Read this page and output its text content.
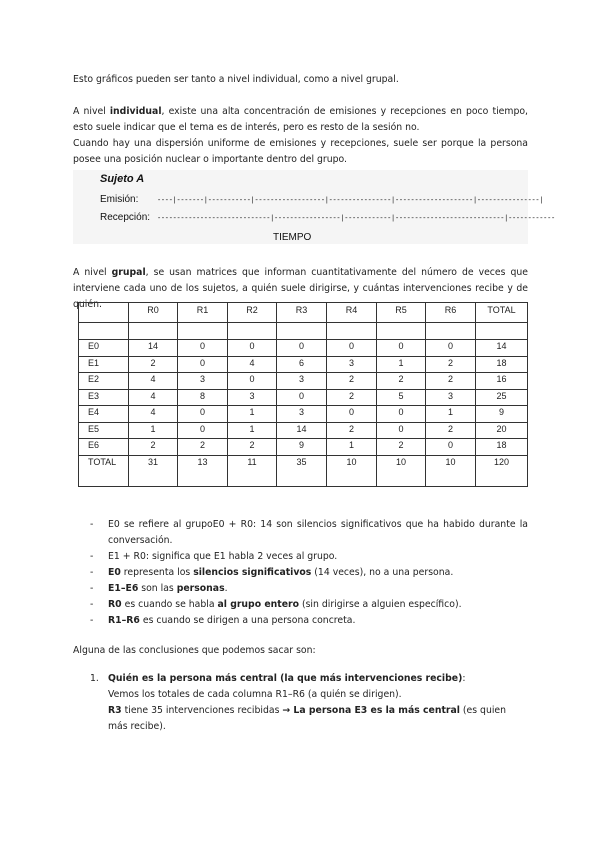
Esto gráficos pueden ser tanto a nivel individual, como a nivel grupal.

A nivel individual, existe una alta concentración de emisiones y recepciones en poco tiempo, esto suele indicar que el tema es de interés, pero es resto de la sesión no.
Cuando hay una dispersión uniforme de emisiones y recepciones, suele ser porque la persona posee una posición nuclear o importante dentro del grupo.

Sujeto A
Emisión:	----|-------|-----------|------------------|----------------|--------------------|----------------|
Recepción: -----------------------------|-----------------|------------|----------------------------|------------
TIEMPO

A nivel grupal, se usan matrices que informan cuantitativamente del número de veces que interviene cada uno de los sujetos, a quién suele dirigirse, y cuántas intervenciones recibe y de quién.

		R0	R1	R2	R3	R4	R5	R6	TOTAL

E0	14	0	0	0	0	0	0	14
E1	2	0	4	6	3	1	2	18
E2	4	3	0	3	2	2	2	16
E3	4	8	3	0	2	5	3	25
E4	4	0	1	3	0	0	1	9
E5	1	0	1	14	2	0	2	20
E6	2	2	2	9	1	2	0	18
TOTAL	31	13	11	35	10	10	10	120
- E0 se refiere al grupoE0 + R0: 14 son silencios significativos que ha habido durante la conversación.
- E1 + R0: significa que E1 habla 2 veces al grupo.
- E0 representa los silencios significativos (14 veces), no a una persona.
- E1–E6 son las personas.
- R0 es cuando se habla al grupo entero (sin dirigirse a alguien específico).
- R1–R6 es cuando se dirigen a una persona concreta.

Alguna de las conclusiones que podemos sacar son:

1. Quién es la persona más central (la que más intervenciones recibe):
Vemos los totales de cada columna R1–R6 (a quién se dirigen).
R3 tiene 35 intervenciones recibidas → La persona E3 es la más central (es quien más recibe).
